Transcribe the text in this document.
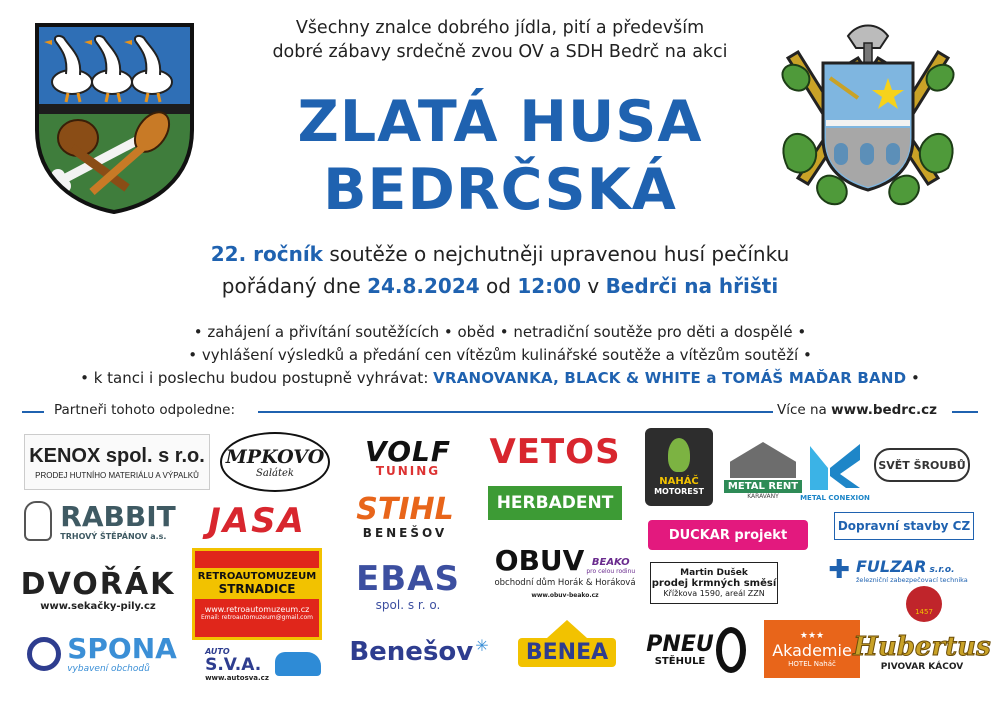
Všechny znalce dobrého jídla, pití a především
dobré zábavy srdečně zvou OV a SDH Bedrč na akci
ZLATÁ HUSA
BEDRČSKÁ
22. ročník soutěže o nejchutněji upravenou husí pečínku
pořádaný dne 24.8.2024 od 12:00 v Bedrči na hřišti
• zahájení a přivítání soutěžících • oběd • netradiční soutěže pro děti a dospělé •
• vyhlášení výsledků a předání cen vítězům kulinářské soutěže a vítězům soutěží •
• k tanci i poslechu budou postupně vyhrávat: VRANOVANKA, BLACK & WHITE a TOMÁŠ MAĎAR BAND •
Partneři tohoto odpoledne:	Více na www.bedrc.cz
KENOX spol. s r.o.
PRODEJ HUTNÍHO MATERIÁLU A VÝPALKŮ
MPKOVO
Salátek
VOLF
TUNING VETOS
HERBADENT
NAHÁČ
MOTOREST	METAL RENT
KARAVANY	METAL CONEXION
SVĚT ŠROUBŮ
RABBIT
TRHOVÝ ŠTĚPÁNOV a.s. JASA STIHL
BENEŠOV	DUCKAR projekt
Dopravní stavby CZ
DVOŘÁK
www.sekačky-pily.cz
RETROAUTOMUZEUM
STRNADICE
www.retroautomuzeum.cz
Email: retroautomuzeum@gmail.com
EBAS
spol. s r. o.
OBUV BEAKO
pro celou rodinu
obchodní dům Horák & Horáková
www.obuv-beako.cz
Martin Dušek
prodej krmných směsí
Křížkova 1590, areál ZZN
✚ FULZAR s.r.o.
železniční zabezpečovací technika
1457
SPONA
vybavení obchodů
AUTO
S.V.A.
www.autosva.cz
Benešov ✳	BENEA	PNEU
STĚHULE
★★★
Akademie
HOTEL Naháč
Hubertus
PIVOVAR KÁCOV
